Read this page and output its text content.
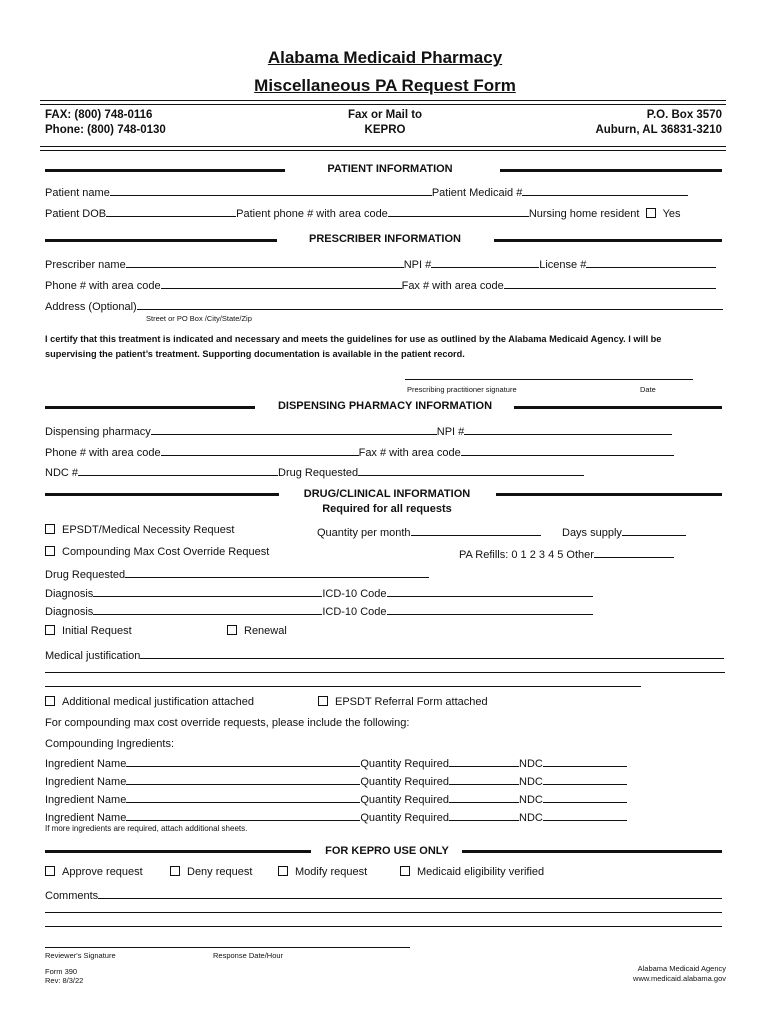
Alabama Medicaid Pharmacy
Miscellaneous PA Request Form
FAX: (800) 748-0116
Phone: (800) 748-0130
Fax or Mail to
KEPRO
P.O. Box 3570
Auburn, AL 36831-3210
PATIENT INFORMATION
Patient name	Patient Medicaid #
Patient DOB	Patient phone # with area code	Nursing home resident Yes
PRESCRIBER INFORMATION
Prescriber name	NPI #	License #
Phone # with area code	Fax # with area code
Address (Optional)
Street or PO Box /City/State/Zip
I certify that this treatment is indicated and necessary and meets the guidelines for use as outlined by the Alabama Medicaid Agency. I will be
supervising the patient’s treatment. Supporting documentation is available in the patient record.
Prescribing practitioner signature	Date
DISPENSING PHARMACY INFORMATION
Dispensing pharmacy	NPI #
Phone # with area code	Fax # with area code
NDC #	Drug Requested
DRUG/CLINICAL INFORMATION
Required for all requests
EPSDT/Medical Necessity Request	Quantity per month	Days supply
Compounding Max Cost Override Request	PA Refills: 0 1 2 3 4 5 Other
Drug Requested
Diagnosis	ICD-10 Code
Diagnosis	ICD-10 Code
Initial Request	Renewal
Medical justification
Additional medical justification attached	EPSDT Referral Form attached
For compounding max cost override requests, please include the following:
Compounding Ingredients:
Ingredient Name	Quantity Required	NDC
Ingredient Name	Quantity Required	NDC
Ingredient Name	Quantity Required	NDC
Ingredient Name	Quantity Required	NDC
If more ingredients are required, attach additional sheets.
FOR KEPRO USE ONLY
Approve request	Deny request	Modify request	Medicaid eligibility verified
Comments
Reviewer's Signature	Response Date/Hour
Form 390
Rev: 8/3/22
Alabama Medicaid Agency
www.medicaid.alabama.gov
